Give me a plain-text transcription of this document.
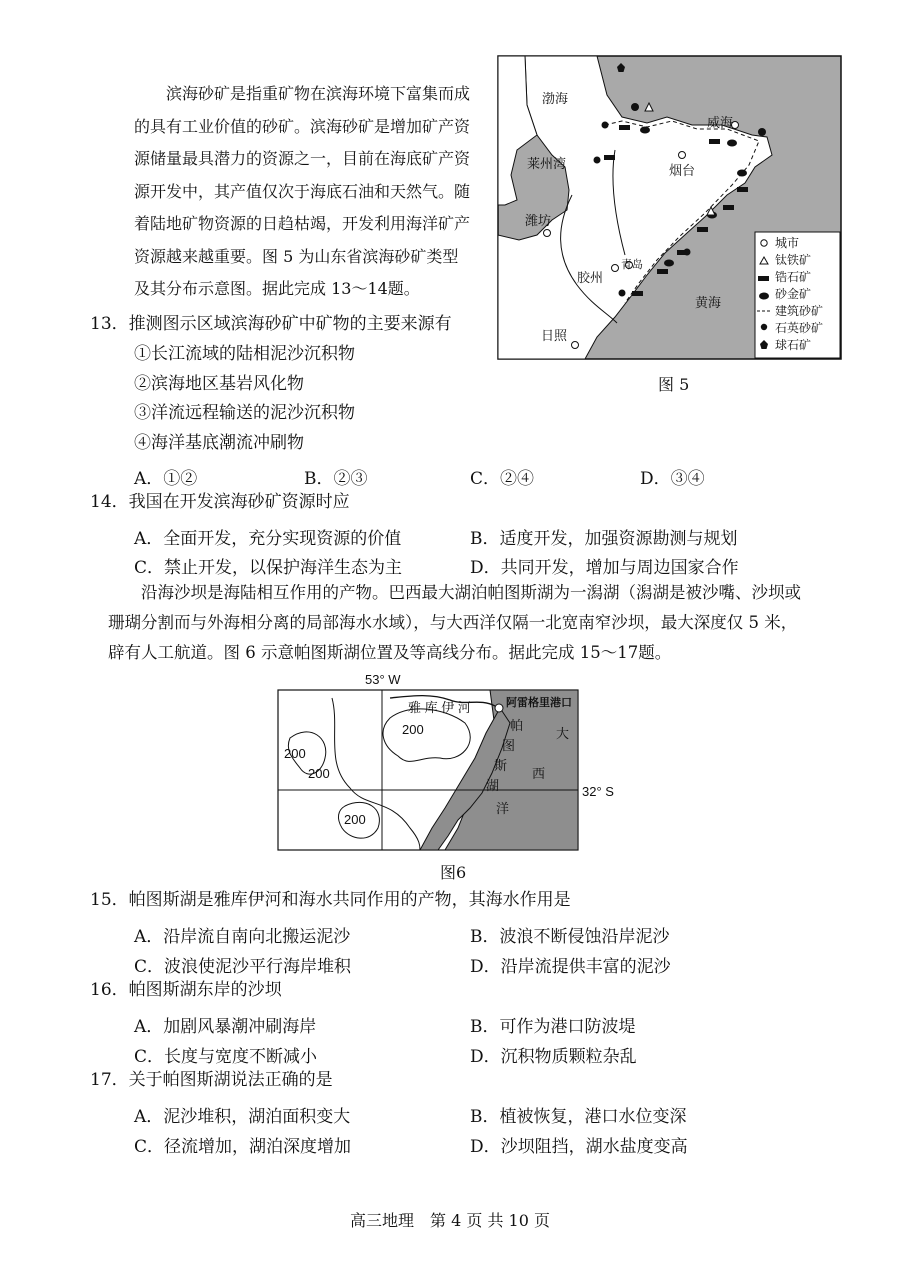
滨海砂矿是指重矿物在滨海环境下富集而成的具有工业价值的砂矿。滨海砂矿是增加矿产资源储量最具潜力的资源之一，目前在海底矿产资源开发中，其产值仅次于海底石油和天然气。随着陆地矿物资源的日趋枯竭，开发利用海洋矿产资源越来越重要。图 5 为山东省滨海砂矿类型及其分布示意图。据此完成 13～14题。

渤海
威海
莱州湾	烟台
潍坊
胶州
青岛
黄海
日照
城市
钛铁矿
锆石矿
砂金矿
建筑砂矿
石英砂矿
球石矿
图 5
13．推测图示区域滨海砂矿中矿物的主要来源有
①长江流域的陆相泥沙沉积物
②滨海地区基岩风化物
③洋流远程输送的泥沙沉积物
④海洋基底潮流冲刷物
A．①②	B．②③	C．②④	D．③④
14．我国在开发滨海砂矿资源时应
A．全面开发，充分实现资源的价值	B．适度开发，加强资源勘测与规划
C．禁止开发，以保护海洋生态为主	D．共同开发，增加与周边国家合作

沿海沙坝是海陆相互作用的产物。巴西最大湖泊帕图斯湖为一潟湖（潟湖是被沙嘴、沙坝或珊瑚分割而与外海相分离的局部海水水域），与大西洋仅隔一北宽南窄沙坝，最大深度仅 5 米，辟有人工航道。图 6 示意帕图斯湖位置及等高线分布。据此完成 15～17题。

53° W
32° S
阿雷格里港口
雅 库 伊 河
帕
图
斯
湖
大
西
洋
200
200
200
200
图6
15．帕图斯湖是雅库伊河和海水共同作用的产物，其海水作用是
A．沿岸流自南向北搬运泥沙	B．波浪不断侵蚀沿岸泥沙
C．波浪使泥沙平行海岸堆积	D．沿岸流提供丰富的泥沙
16．帕图斯湖东岸的沙坝
A．加剧风暴潮冲刷海岸	B．可作为港口防波堤
C．长度与宽度不断减小	D．沉积物质颗粒杂乱
17．关于帕图斯湖说法正确的是
A．泥沙堆积，湖泊面积变大	B．植被恢复，港口水位变深
C．径流增加，湖泊深度增加	D．沙坝阻挡，湖水盐度变高
高三地理　第 4 页 共 10 页
